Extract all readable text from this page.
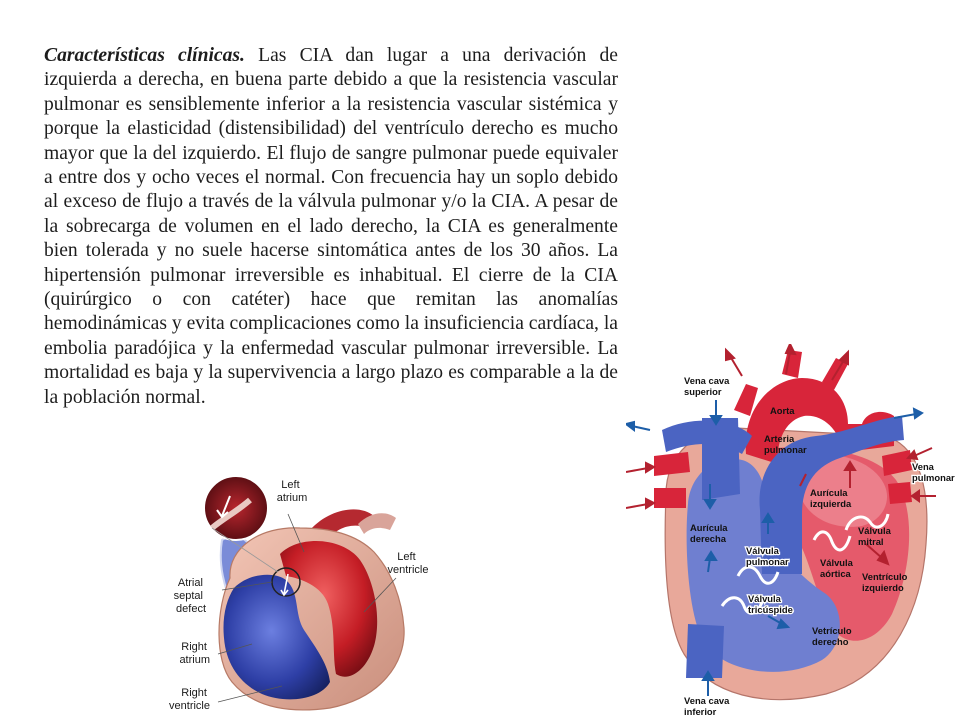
Características clínicas. Las CIA dan lugar a una derivación de izquierda a derecha, en buena parte debido a que la resistencia vascular pulmonar es sensiblemente inferior a la resistencia vascular sistémica y porque la elasticidad (distensibilidad) del ventrículo derecho es mucho mayor que la del izquierdo. El flujo de sangre pulmonar puede equivaler a entre dos y ocho veces el normal. Con frecuencia hay un soplo debido al exceso de flujo a través de la válvula pulmonar y/o la CIA. A pesar de la sobrecarga de volumen en el lado derecho, la CIA es generalmente bien tolerada y no suele hacerse sintomática antes de los 30 años. La hipertensión pulmonar irreversible es inhabitual. El cierre de la CIA (quirúrgico o con catéter) hace que remitan las anomalías hemodinámicas y evita complicaciones como la insuficiencia cardíaca, la embolia paradójica y la enfermedad vascular pulmonar irreversible. La mortalidad es baja y la supervivencia a largo plazo es comparable a la de la población normal.

Left atrium
Left ventricle
Atrial septal defect
Right atrium
Right ventricle
Vena cava superior
Aorta
Arteria pulmonar
Vena pulmonar
Aurícula izquierda
Aurícula derecha
Válvula mitral
Válvula pulmonar	Válvula aórtica	Ventrículo izquierdo
Válvula tricúspide
Vetrículo derecho
Vena cava inferior
